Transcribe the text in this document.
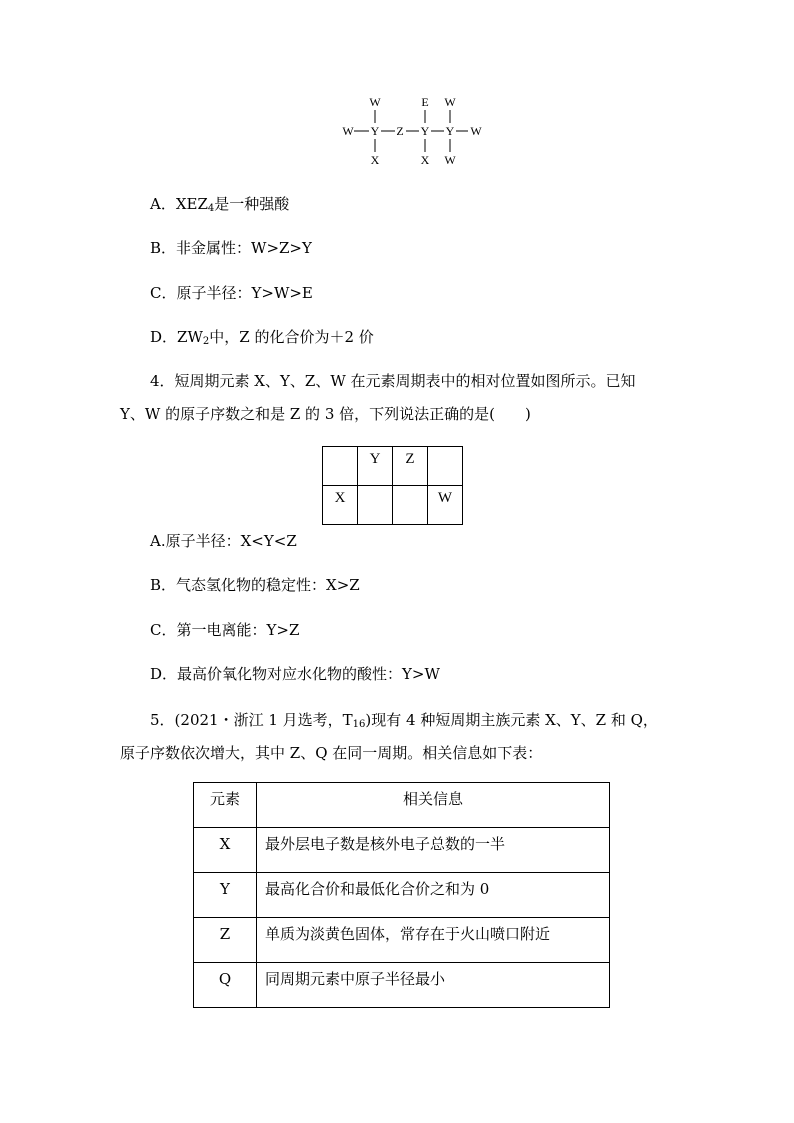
W	E W
W Y Z Y Y W
X	X W
A．$XEZ_4$是一种强酸
B．非金属性：W>Z>Y
C．原子半径：Y>W>E
D．$ZW_2$中，Z 的化合价为＋2 价
4．短周期元素 X、Y、Z、W 在元素周期表中的相对位置如图所示。已知
Y、W 的原子序数之和是 Z 的 3 倍，下列说法正确的是(　　)
	Y	Z	
X			W
A.原子半径：X<Y<Z
B．气态氢化物的稳定性：X>Z
C．第一电离能：Y>Z
D．最高价氧化物对应水化物的酸性：Y>W
5．(2021・浙江 1 月选考，$T_{16}$)现有 4 种短周期主族元素 X、Y、Z 和 Q，
原子序数依次增大，其中 Z、Q 在同一周期。相关信息如下表：
元素	相关信息
X	最外层电子数是核外电子总数的一半
Y	最高化合价和最低化合价之和为 0
Z	单质为淡黄色固体，常存在于火山喷口附近
Q	同周期元素中原子半径最小
